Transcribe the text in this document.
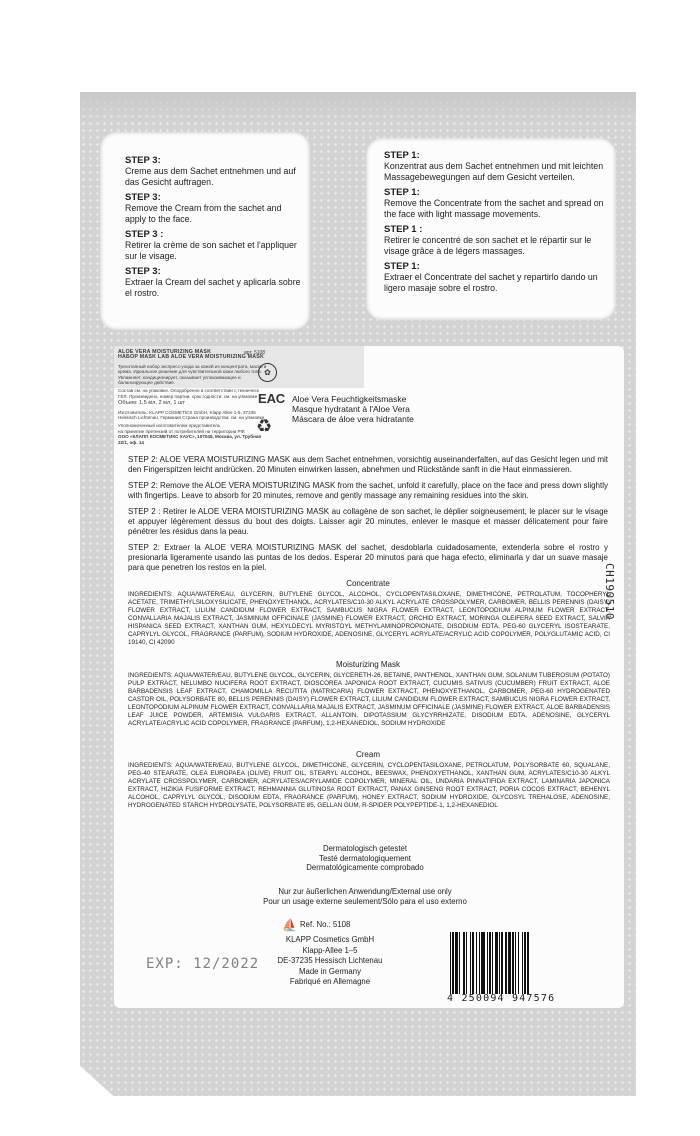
STEP 3:
Creme aus dem Sachet entnehmen und auf das Gesicht auftragen.
STEP 3:
Remove the Cream from the sachet and apply to the face.
STEP 3 :
Retirer la crème de son sachet et l'appliquer sur le visage.
STEP 3:
Extraer la Cream del sachet y aplicarla sobre el rostro.
STEP 1:
Konzentrat aus dem Sachet entnehmen und mit leichten Massagebewegungen auf dem Gesicht verteilen.
STEP 1:
Remove the Concentrate from the sachet and spread on the face with light massage movements.
STEP 1 :
Retirer le concentré de son sachet et le répartir sur le visage grâce à de légers massages.
STEP 1:
Extraer el Concentrate del sachet y repartirlo dando un ligero masaje sobre el rostro.
ALOE VERA MOISTURIZING MASK
НАБОР MASK LAB ALOE VERA MOISTURIZING MASK
Трехэтапный набор экспресс-ухода за кожей из концентрата, маски и крема. Идеальное решение для чувствительной кожи любого типа. Увлажняет, кондиционирует, оказывает успокаивающее и балансирующее действие.
Состав см. на упаковке. Оподобренно в соответствии с техническ ГЕЛ. Произведено, номер партии, срок годности: см. на упаковке
Объем: 1,5 мл, 2 мл, 1 шт
Изготовитель: KLAPP COSMETICS GmbH, Klapp Allee 1-5, 37235 Hessisch Lichtenau, Германия Страна производства: см. на упаковке
Уполномоченный изготовителем представитель
на принятие претензий от потребителей на территории РФ:
ООО «КЛАПП КОСМЕТИКС ХАУС», 107045, Москва, ул. Трубная 22/1, оф. 14
арт. 5108
✿
ЕАС
♻
Aloe Vera Feuchtigkeitsmaske
Masque hydratant à l'Aloe Vera
Máscara de áloe vera hidratante
STEP 2: ALOE VERA MOISTURIZING MASK aus dem Sachet entnehmen, vorsichtig auseinanderfalten, auf das Gesicht legen und mit den Fingerspitzen leicht andrücken. 20 Minuten einwirken lassen, abnehmen und Rückstände sanft in die Haut einmassieren.
STEP 2: Remove the ALOE VERA MOISTURIZING MASK from the sachet, unfold it carefully, place on the face and press down slightly with fingertips. Leave to absorb for 20 minutes, remove and gently massage any remaining residues into the skin.
STEP 2 : Retirer le ALOE VERA MOISTURIZING MASK au collagène de son sachet, le déplier soigneusement, le placer sur le visage et appuyer légèrement dessus du bout des doigts. Laisser agir 20 minutes, enlever le masque et masser délicatement pour faire pénétrer les résidus dans la peau.
STEP 2: Extraer la ALOE VERA MOISTURIZING MASK del sachet, desdoblarla cuidadosamente, extenderla sobre el rostro y presionarla ligeramente usando las puntas de los dedos. Esperar 20 minutos para que haga efecto, eliminarla y dar un suave masaje para que penetren los restos en la piel.
Concentrate
INGREDIENTS: AQUA/WATER/EAU, GLYCERIN, BUTYLENE GLYCOL, ALCOHOL, CYCLOPENTASILOXANE, DIMETHICONE, PETROLATUM, TOCOPHERYL ACETATE, TRIMETHYLSILOXYSILICATE, PHENOXYETHANOL, ACRYLATES/C10-30 ALKYL ACRYLATE CROSSPOLYMER, CARBOMER, BELLIS PERENNIS (DAISY) FLOWER EXTRACT, LILIUM CANDIDUM FLOWER EXTRACT, SAMBUCUS NIGRA FLOWER EXTRACT, LEONTOPODIUM ALPINUM FLOWER EXTRACT, CONVALLARIA MAJALIS EXTRACT, JASMINUM OFFICINALE (JASMINE) FLOWER EXTRACT, ORCHID EXTRACT, MORINGA OLEIFERA SEED EXTRACT, SALVIA HISPANICA SEED EXTRACT, XANTHAN GUM, HEXYLDECYL MYRISTOYL METHYLAMINOPROPIONATE, DISODIUM EDTA, PEG-60 GLYCERYL ISOSTEARATE, CAPRYLYL GLYCOL, FRAGRANCE (PARFUM), SODIUM HYDROXIDE, ADENOSINE, GLYCERYL ACRYLATE/ACRYLIC ACID COPOLYMER, POLYGLUTAMIC ACID, CI 19140, CI 42090
Moisturizing Mask
INGREDIENTS: AQUA/WATER/EAU, BUTYLENE GLYCOL, GLYCERIN, GLYCERETH-26, BETAINE, PANTHENOL, XANTHAN GUM, SOLANUM TUBEROSUM (POTATO) PULP EXTRACT, NELUMBO NUCIFERA ROOT EXTRACT, DIOSCOREA JAPONICA ROOT EXTRACT, CUCUMIS SATIVUS (CUCUMBER) FRUIT EXTRACT, ALOE BARBADENSIS LEAF EXTRACT, CHAMOMILLA RECUTITA (MATRICARIA) FLOWER EXTRACT, PHENOXYETHANOL, CARBOMER, PEG-60 HYDROGENATED CASTOR OIL, POLYSORBATE 80, BELLIS PERENNIS (DAISY) FLOWER EXTRACT, LILIUM CANDIDUM FLOWER EXTRACT, SAMBUCUS NIGRA FLOWER EXTRACT, LEONTOPODIUM ALPINUM FLOWER EXTRACT, CONVALLARIA MAJALIS EXTRACT, JASMINUM OFFICINALE (JASMINE) FLOWER EXTRACT, ALOE BARBADENSIS LEAF JUICE POWDER, ARTEMISIA VULGARIS EXTRACT, ALLANTOIN, DIPOTASSIUM GLYCYRRHIZATE, DISODIUM EDTA, ADENOSINE, GLYCERYL ACRYLATE/ACRYLIC ACID COPOLYMER, FRAGRANCE (PARFUM), 1,2-HEXANEDIOL, SODIUM HYDROXIDE
Cream
INGREDIENTS: AQUA/WATER/EAU, BUTYLENE GLYCOL, DIMETHICONE, GLYCERIN, CYCLOPENTASILOXANE, PETROLATUM, POLYSORBATE 60, SQUALANE, PEG-40 STEARATE, OLEA EUROPAEA (OLIVE) FRUIT OIL, STEARYL ALCOHOL, BEESWAX, PHENOXYETHANOL, XANTHAN GUM, ACRYLATES/C10-30 ALKYL ACRYLATE CROSSPOLYMER, CARBOMER, ACRYLATES/ACRYLAMIDE COPOLYMER, MINERAL OIL, UNDARIA PINNATIFIDA EXTRACT, LAMINARIA JAPONICA EXTRACT, HIZIKIA FUSIFORME EXTRACT, REHMANNIA GLUTINOSA ROOT EXTRACT, PANAX GINSENG ROOT EXTRACT, PORIA COCOS EXTRACT, BEHENYL ALCOHOL, CAPRYLYL GLYCOL, DISODIUM EDTA, FRAGRANCE (PARFUM), HONEY EXTRACT, SODIUM HYDROXIDE, GLYCOSYL TREHALOSE, ADENOSINE, HYDROGENATED STARCH HYDROLYSATE, POLYSORBATE 85, GELLAN GUM, R-SPIDER POLYPEPTIDE-1, 1,2-HEXANEDIOL
Dermatologisch getestet
Testé dermatologiquement
Dermatológicamente comprobado
Nur zur äußerlichen Anwendung/External use only
Pour un usage externe seulement/Sólo para el uso externo
⛵ Ref. No.: 5108
KLAPP Cosmetics GmbH
Klapp-Allee 1–5
DE-37235 Hessisch Lichtenau
Made in Germany
Fabriqué en Allemagne
EXP: 12/2022
4 250094 947576
CH190510
